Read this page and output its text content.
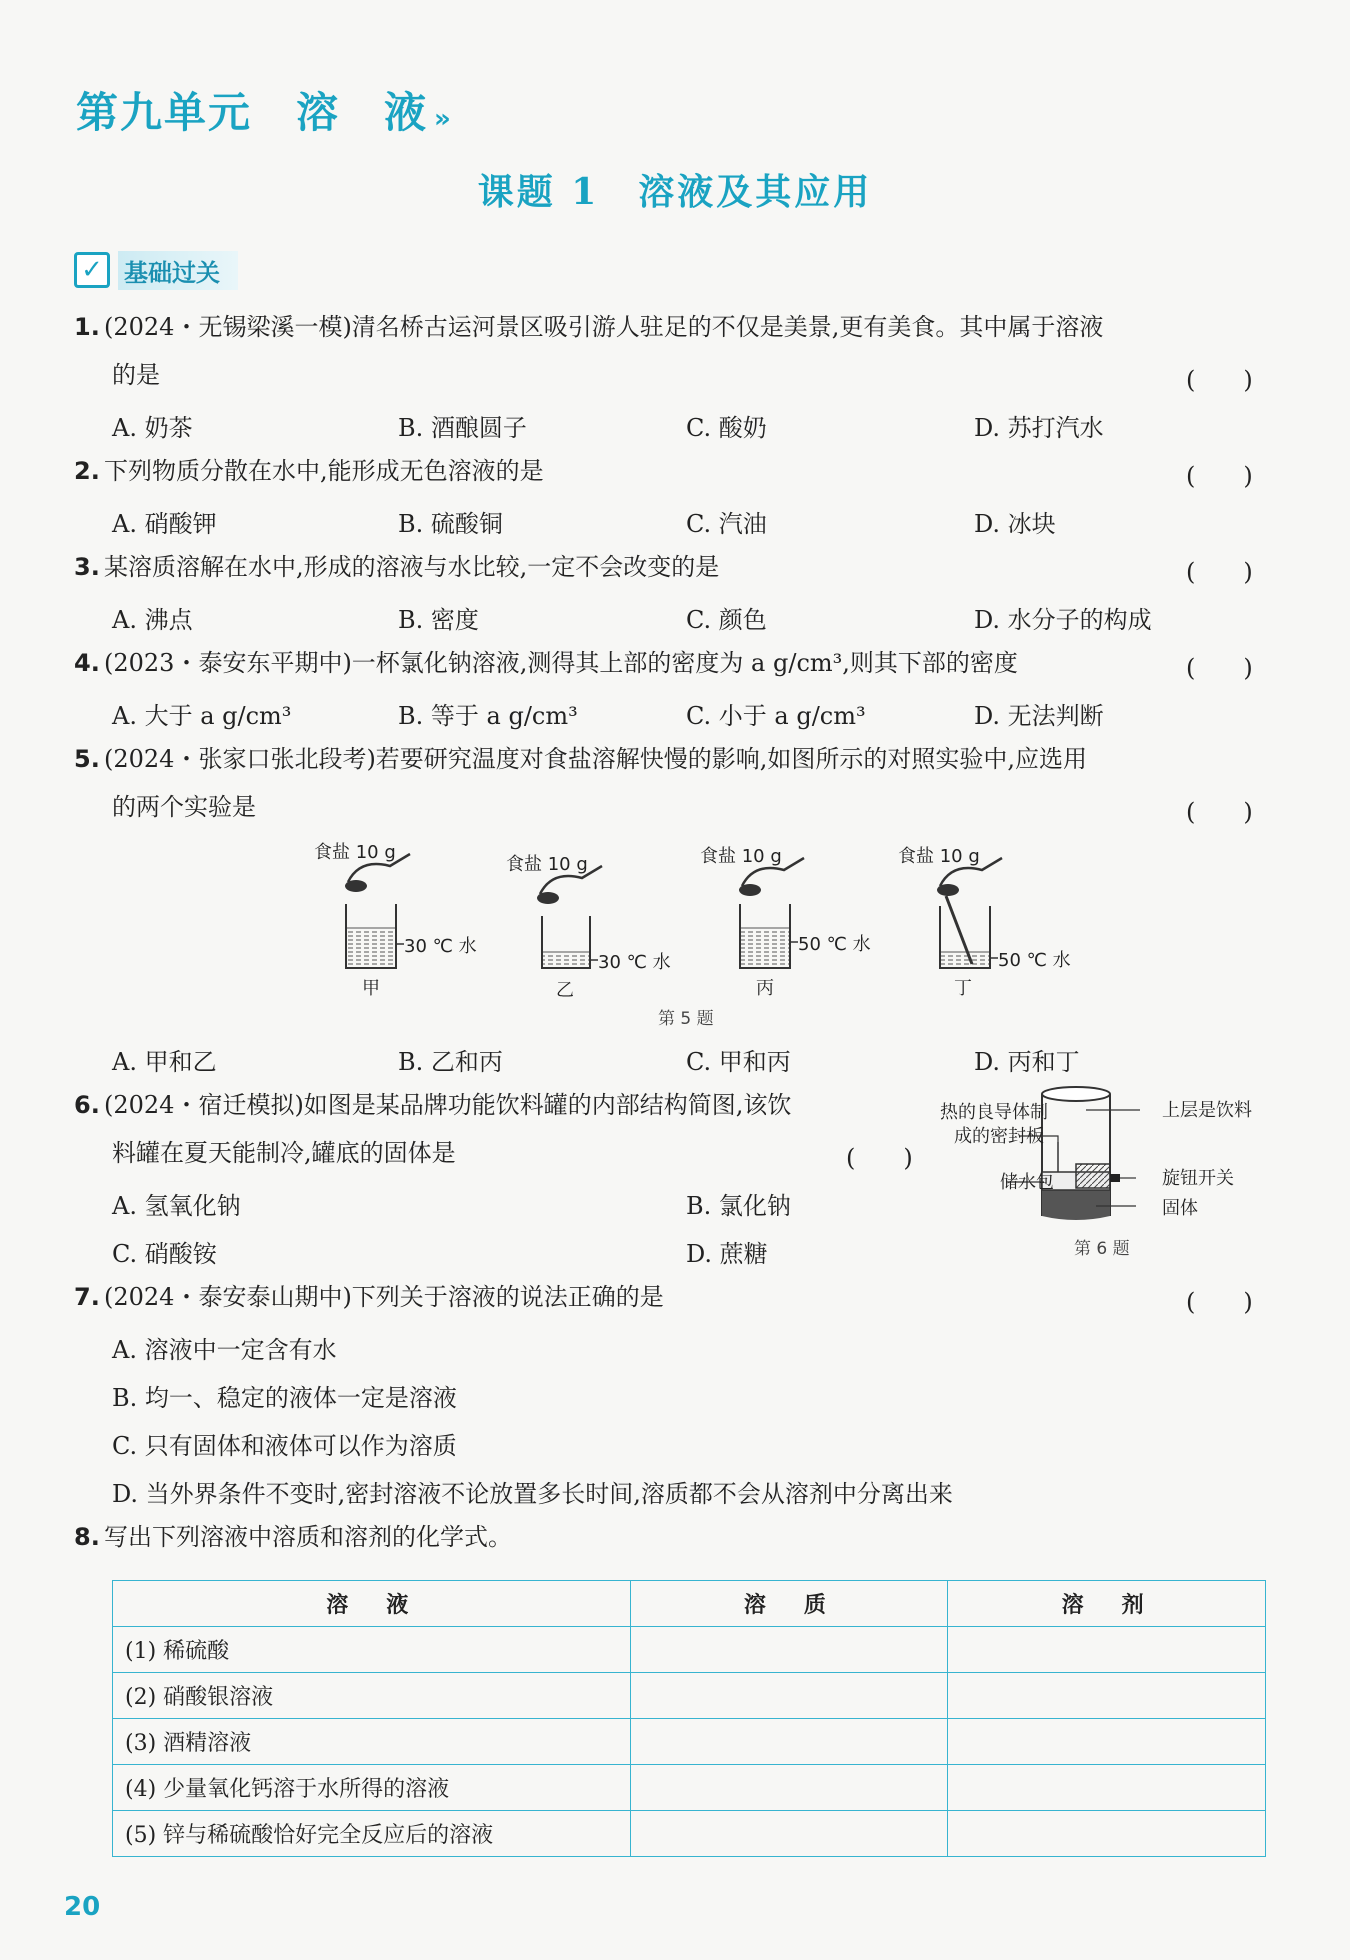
第九单元　溶　液 »
课题 1　溶液及其应用
✓ 基础过关
1. (2024・无锡梁溪一模)清名桥古运河景区吸引游人驻足的不仅是美景,更有美食。其中属于溶液
的是	(　　)
A. 奶茶	B. 酒酿圆子	C. 酸奶	D. 苏打汽水
2. 下列物质分散在水中,能形成无色溶液的是	(　　)
A. 硝酸钾	B. 硫酸铜	C. 汽油	D. 冰块
3. 某溶质溶解在水中,形成的溶液与水比较,一定不会改变的是	(　　)
A. 沸点	B. 密度	C. 颜色	D. 水分子的构成
4. (2023・泰安东平期中)一杯氯化钠溶液,测得其上部的密度为 a g/cm³,则其下部的密度	(　　)
A. 大于 a g/cm³	B. 等于 a g/cm³	C. 小于 a g/cm³	D. 无法判断
5. (2024・张家口张北段考)若要研究温度对食盐溶解快慢的影响,如图所示的对照实验中,应选用
的两个实验是	(　　)
食盐 10 g
食盐 10 g	食盐 10 g	食盐 10 g
30 ℃ 水
30 ℃ 水
50 ℃ 水
50 ℃ 水
甲	乙	丙	丁
第 5 题
A. 甲和乙	B. 乙和丙	C. 甲和丙	D. 丙和丁
6. (2024・宿迁模拟)如图是某品牌功能饮料罐的内部结构简图,该饮
料罐在夏天能制冷,罐底的固体是	(　　)
A. 氢氧化钠	B. 氯化钠
C. 硝酸铵	D. 蔗糖
热的良导体制
成的密封板
储水包
上层是饮料
旋钮开关
固体
第 6 题
7. (2024・泰安泰山期中)下列关于溶液的说法正确的是	(　　)
A. 溶液中一定含有水
B. 均一、稳定的液体一定是溶液
C. 只有固体和液体可以作为溶质
D. 当外界条件不变时,密封溶液不论放置多长时间,溶质都不会从溶剂中分离出来
8. 写出下列溶液中溶质和溶剂的化学式。
溶　液	溶　质	溶　剂
(1) 稀硫酸		
(2) 硝酸银溶液		
(3) 酒精溶液		
(4) 少量氧化钙溶于水所得的溶液		
(5) 锌与稀硫酸恰好完全反应后的溶液		
20
